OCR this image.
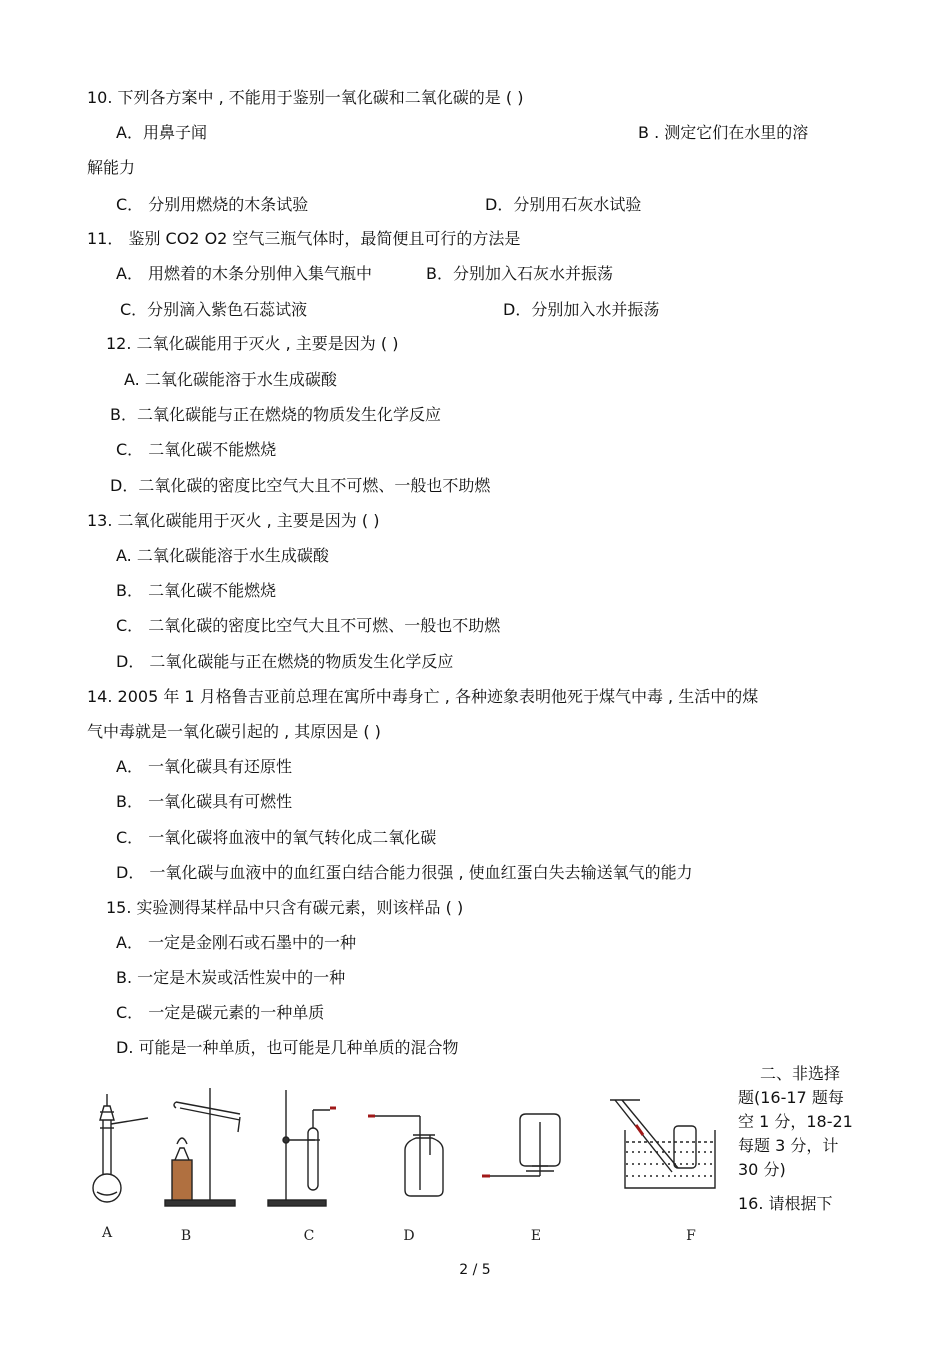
10. 下列各方案中 , 不能用于鉴别一氧化碳和二氧化碳的是 ( )
A．用鼻子闻	B . 测定它们在水里的溶
解能力
C． 分别用燃烧的木条试验	D．分别用石灰水试验
11． 鉴别 CO2 O2 空气三瓶气体时，最简便且可行的方法是
A． 用燃着的木条分别伸入集气瓶中	B．分别加入石灰水并振荡
C．分别滴入紫色石蕊试液	D．分别加入水并振荡
12. 二氧化碳能用于灭火 , 主要是因为 ( )
A. 二氧化碳能溶于水生成碳酸
B．二氧化碳能与正在燃烧的物质发生化学反应
C． 二氧化碳不能燃烧
D．二氧化碳的密度比空气大且不可燃、一般也不助燃
13. 二氧化碳能用于灭火 , 主要是因为 ( )
A. 二氧化碳能溶于水生成碳酸
B． 二氧化碳不能燃烧
C． 二氧化碳的密度比空气大且不可燃、一般也不助燃
D． 二氧化碳能与正在燃烧的物质发生化学反应
14. 2005 年 1 月格鲁吉亚前总理在寓所中毒身亡 , 各种迹象表明他死于煤气中毒 , 生活中的煤
气中毒就是一氧化碳引起的 , 其原因是 ( )
A． 一氧化碳具有还原性
B． 一氧化碳具有可燃性
C． 一氧化碳将血液中的氧气转化成二氧化碳
D． 一氧化碳与血液中的血红蛋白结合能力很强 , 使血红蛋白失去输送氧气的能力
15. 实验测得某样品中只含有碳元素，则该样品 ( )
A． 一定是金刚石或石墨中的一种
B. 一定是木炭或活性炭中的一种
C． 一定是碳元素的一种单质
D. 可能是一种单质，也可能是几种单质的混合物
二、非选择
题(16-17 题每
空 1 分，18-21
每题 3 分，计
30 分)
16. 请根据下
A	B	C	D	E	F
2 / 5
